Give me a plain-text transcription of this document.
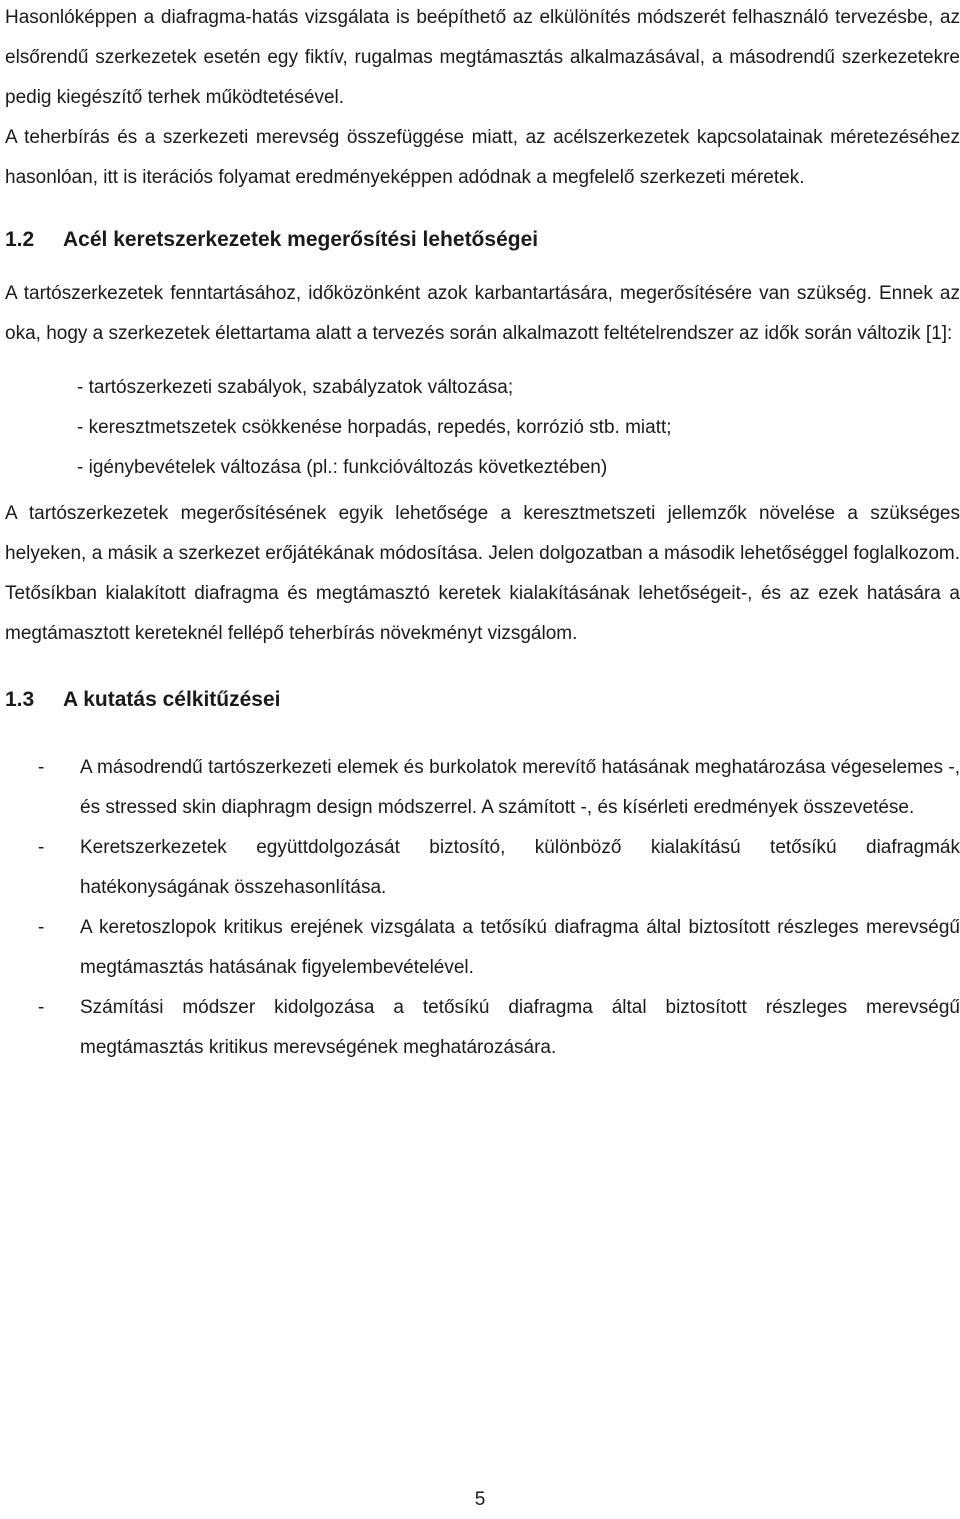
Hasonlóképpen a diafragma-hatás vizsgálata is beépíthető az elkülönítés módszerét felhasználó tervezésbe, az elsőrendű szerkezetek esetén egy fiktív, rugalmas megtámasztás alkalmazásával, a másodrendű szerkezetekre pedig kiegészítő terhek működtetésével.

A teherbírás és a szerkezeti merevség összefüggése miatt, az acélszerkezetek kapcsolatainak méretezéséhez hasonlóan, itt is iterációs folyamat eredményeképpen adódnak a megfelelő szerkezeti méretek.

1.2	Acél keretszerkezetek megerősítési lehetőségei

A tartószerkezetek fenntartásához, időközönként azok karbantartására, megerősítésére van szükség. Ennek az oka, hogy a szerkezetek élettartama alatt a tervezés során alkalmazott feltételrendszer az idők során változik [1]:

- tartószerkezeti szabályok, szabályzatok változása;
- keresztmetszetek csökkenése horpadás, repedés, korrózió stb. miatt;
- igénybevételek változása (pl.: funkcióváltozás következtében)

A tartószerkezetek megerősítésének egyik lehetősége a keresztmetszeti jellemzők növelése a szükséges helyeken, a másik a szerkezet erőjátékának módosítása. Jelen dolgozatban a második lehetőséggel foglalkozom. Tetősíkban kialakított diafragma és megtámasztó keretek kialakításának lehetőségeit-, és az ezek hatására a megtámasztott kereteknél fellépő teherbírás növekményt vizsgálom.

1.3	A kutatás célkitűzései
- A másodrendű tartószerkezeti elemek és burkolatok merevítő hatásának meghatározása végeselemes -, és stressed skin diaphragm design módszerrel. A számított -, és kísérleti eredmények összevetése.
- Keretszerkezetek együttdolgozását biztosító, különböző kialakítású tetősíkú diafragmák hatékonyságának összehasonlítása.
- A keretoszlopok kritikus erejének vizsgálata a tetősíkú diafragma által biztosított részleges merevségű megtámasztás hatásának figyelembevételével.
- Számítási módszer kidolgozása a tetősíkú diafragma által biztosított részleges merevségű megtámasztás kritikus merevségének meghatározására.
5
